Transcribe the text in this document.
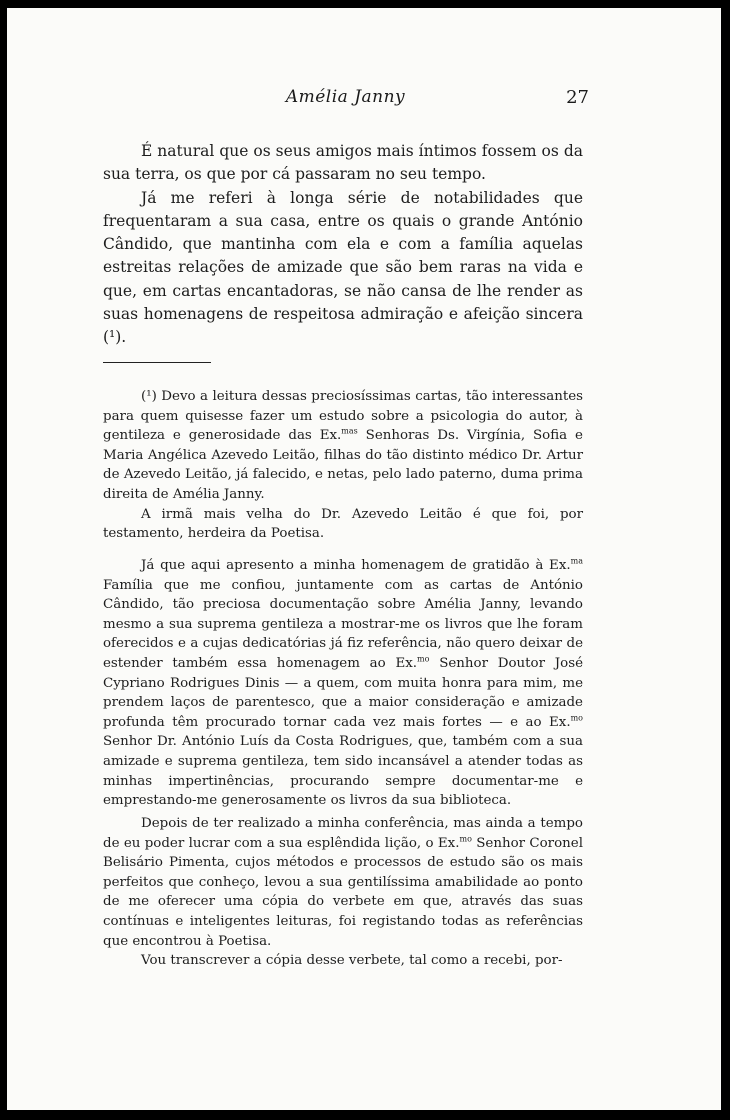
Amélia Janny	27

É natural que os seus amigos mais íntimos fossem os da sua terra, os que por cá passaram no seu tempo.

Já me referi à longa série de notabilidades que frequentaram a sua casa, entre os quais o grande António Cândido, que mantinha com ela e com a família aquelas estreitas relações de amizade que são bem raras na vida e que, em cartas encantadoras, se não cansa de lhe render as suas homenagens de respeitosa admiração e afeição sincera (¹).

(¹) Devo a leitura dessas preciosíssimas cartas, tão interessantes para quem quisesse fazer um estudo sobre a psicologia do autor, à gentileza e generosidade das Ex.$^{mas}$ Senhoras Ds. Virgínia, Sofia e Maria Angélica Azevedo Leitão, filhas do tão distinto médico Dr. Artur de Azevedo Leitão, já falecido, e netas, pelo lado paterno, duma prima direita de Amélia Janny.

A irmã mais velha do Dr. Azevedo Leitão é que foi, por testamento, herdeira da Poetisa.

Já que aqui apresento a minha homenagem de gratidão à Ex.$^{ma}$ Família que me confiou, juntamente com as cartas de António Cândido, tão preciosa documentação sobre Amélia Janny, levando mesmo a sua suprema gentileza a mostrar-me os livros que lhe foram oferecidos e a cujas dedicatórias já fiz referência, não quero deixar de estender também essa homenagem ao Ex.$^{mo}$ Senhor Doutor José Cypriano Rodrigues Dinis — a quem, com muita honra para mim, me prendem laços de parentesco, que a maior consideração e amizade profunda têm procurado tornar cada vez mais fortes — e ao Ex.$^{mo}$ Senhor Dr. António Luís da Costa Rodrigues, que, também com a sua amizade e suprema gentileza, tem sido incansável a atender todas as minhas impertinências, procurando sempre documentar-me e emprestando-me generosamente os livros da sua biblioteca.

Depois de ter realizado a minha conferência, mas ainda a tempo de eu poder lucrar com a sua esplêndida lição, o Ex.$^{mo}$ Senhor Coronel Belisário Pimenta, cujos métodos e processos de estudo são os mais perfeitos que conheço, levou a sua gentilíssima amabilidade ao ponto de me oferecer uma cópia do verbete em que, através das suas contínuas e inteligentes leituras, foi registando todas as referências que encontrou à Poetisa.

Vou transcrever a cópia desse verbete, tal como a recebi, por-
